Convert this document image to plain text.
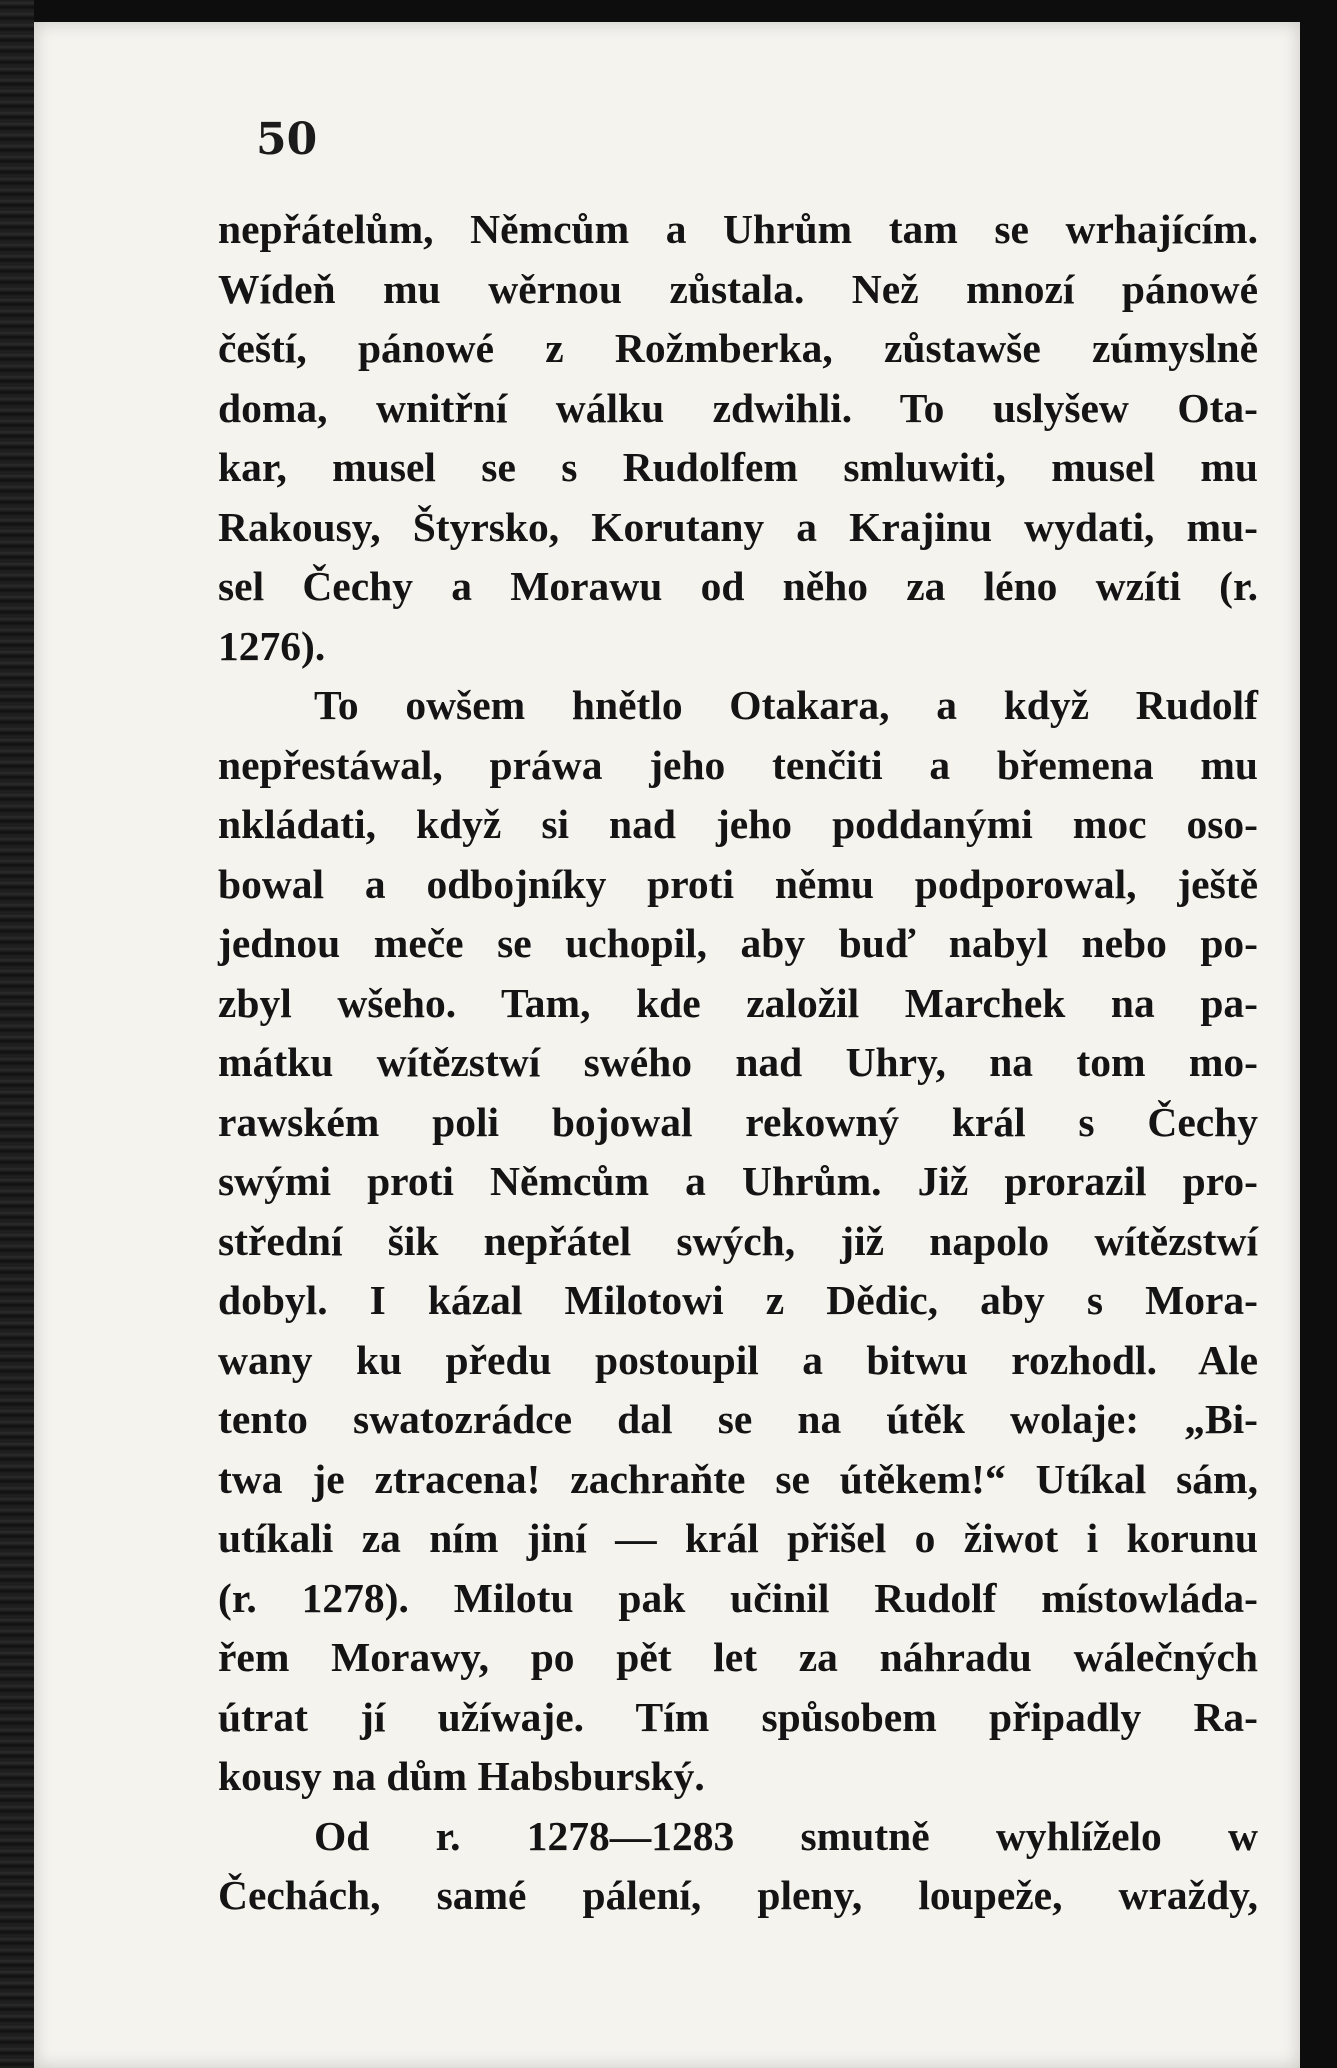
50

nepřátelům, Němcům a Uhrům tam se wrhajícím.
Wídeň mu wěrnou zůstala. Než mnozí pánowé
čeští, pánowé z Rožmberka, zůstawše zúmyslně
doma, wnitřní wálku zdwihli. To uslyšew Ota-
kar, musel se s Rudolfem smluwiti, musel mu
Rakousy, Štyrsko, Korutany a Krajinu wydati, mu-
sel Čechy a Morawu od něho za léno wzíti (r.
1276).
To owšem hnětlo Otakara, a když Rudolf
nepřestáwal, práwa jeho tenčiti a břemena mu
nkládati, když si nad jeho poddanými moc oso-
bowal a odbojníky proti němu podporowal, ještě
jednou meče se uchopil, aby buď nabyl nebo po-
zbyl wšeho. Tam, kde založil Marchek na pa-
mátku wítězstwí swého nad Uhry, na tom mo-
rawském poli bojowal rekowný král s Čechy
swými proti Němcům a Uhrům. Již prorazil pro-
střední šik nepřátel swých, již napolo wítězstwí
dobyl. I kázal Milotowi z Dědic, aby s Mora-
wany ku předu postoupil a bitwu rozhodl. Ale
tento swatozrádce dal se na útěk wolaje: „Bi-
twa je ztracena! zachraňte se útěkem!“ Utíkal sám,
utíkali za ním jiní — král přišel o žiwot i korunu
(r. 1278). Milotu pak učinil Rudolf místowláda-
řem Morawy, po pět let za náhradu wálečných
útrat jí užíwaje. Tím spůsobem připadly Ra-
kousy na dům Habsburský.
Od r. 1278—1283 smutně wyhlíželo w
Čechách, samé pálení, pleny, loupeže, wraždy,
